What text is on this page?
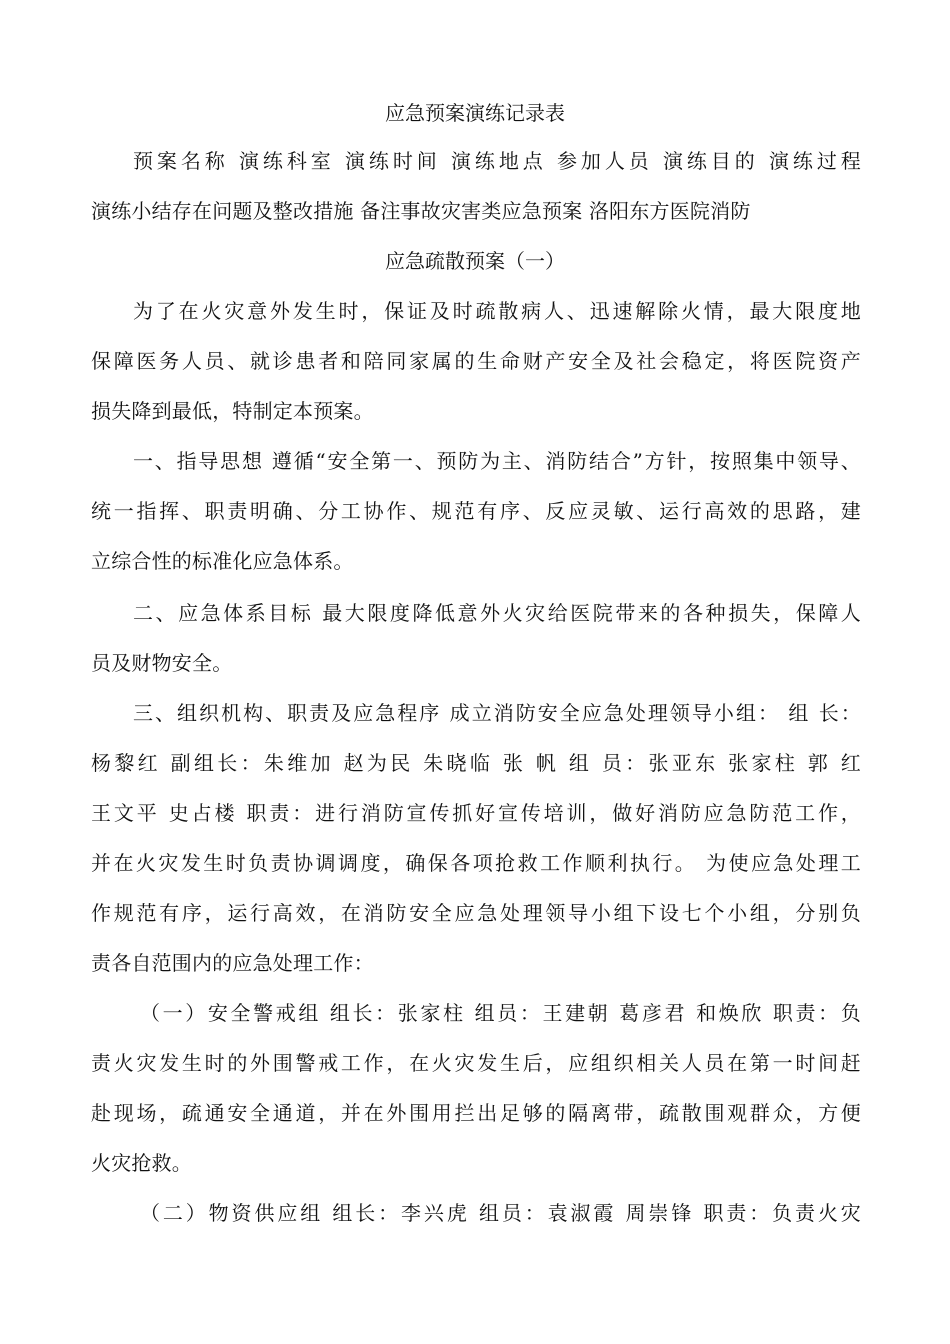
应急预案演练记录表
预案名称 演练科室 演练时间 演练地点 参加人员 演练目的 演练过程
演练小结存在问题及整改措施 备注事故灾害类应急预案 洛阳东方医院消防
应急疏散预案（一）
为了在火灾意外发生时，保证及时疏散病人、迅速解除火情，最大限度地
保障医务人员、就诊患者和陪同家属的生命财产安全及社会稳定，将医院资产
损失降到最低，特制定本预案。
一、指导思想 遵循“安全第一、预防为主、消防结合”方针，按照集中领导、
统一指挥、职责明确、分工协作、规范有序、反应灵敏、运行高效的思路，建
立综合性的标准化应急体系。
二、应急体系目标 最大限度降低意外火灾给医院带来的各种损失，保障人
员及财物安全。
三、组织机构、职责及应急程序 成立消防安全应急处理领导小组： 组 长：
杨黎红 副组长：朱维加 赵为民 朱晓临 张 帆 组 员：张亚东 张家柱 郭 红
王文平 史占楼 职责：进行消防宣传抓好宣传培训，做好消防应急防范工作，
并在火灾发生时负责协调调度，确保各项抢救工作顺利执行。 为使应急处理工
作规范有序，运行高效，在消防安全应急处理领导小组下设七个小组，分别负
责各自范围内的应急处理工作：
（一）安全警戒组 组长：张家柱 组员：王建朝 葛彦君 和焕欣 职责：负
责火灾发生时的外围警戒工作，在火灾发生后，应组织相关人员在第一时间赶
赴现场，疏通安全通道，并在外围用拦出足够的隔离带，疏散围观群众，方便
火灾抢救。
（二）物资供应组 组长：李兴虎 组员：袁淑霞 周崇锋 职责：负责火灾
